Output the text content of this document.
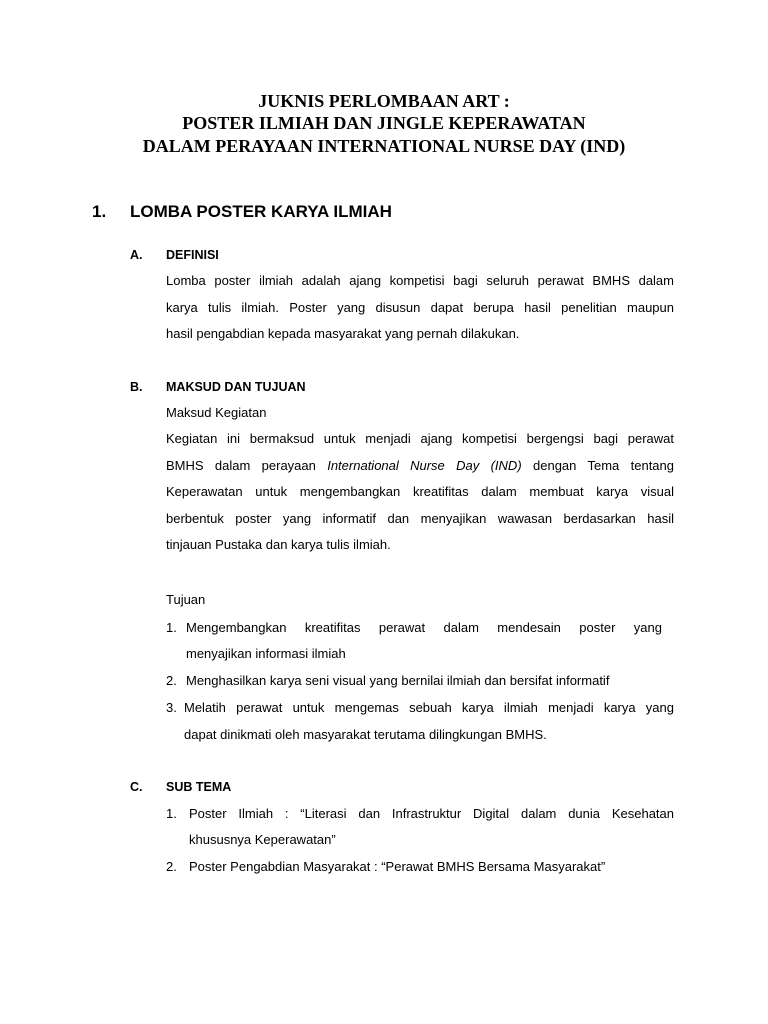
JUKNIS PERLOMBAAN ART :
POSTER ILMIAH DAN JINGLE KEPERAWATAN
DALAM PERAYAAN INTERNATIONAL NURSE DAY (IND)
1. LOMBA POSTER KARYA ILMIAH
A. DEFINISI
Lomba poster ilmiah adalah ajang kompetisi bagi seluruh perawat BMHS dalam
karya tulis ilmiah. Poster yang disusun dapat berupa hasil penelitian maupun
hasil pengabdian kepada masyarakat yang pernah dilakukan.
B. MAKSUD DAN TUJUAN
Maksud Kegiatan
Kegiatan ini bermaksud untuk menjadi ajang kompetisi bergengsi bagi perawat
BMHS dalam perayaan International Nurse Day (IND) dengan Tema tentang
Keperawatan untuk mengembangkan kreatifitas dalam membuat karya visual
berbentuk poster yang informatif dan menyajikan wawasan berdasarkan hasil
tinjauan Pustaka dan karya tulis ilmiah.
Tujuan
1. Mengembangkan kreatifitas perawat dalam mendesain poster yang
menyajikan informasi ilmiah
2. Menghasilkan karya seni visual yang bernilai ilmiah dan bersifat informatif
3. Melatih perawat untuk mengemas sebuah karya ilmiah menjadi karya yang
dapat dinikmati oleh masyarakat terutama dilingkungan BMHS.
C. SUB TEMA
1. Poster Ilmiah : “Literasi dan Infrastruktur Digital dalam dunia Kesehatan
khususnya Keperawatan”
2. Poster Pengabdian Masyarakat : “Perawat BMHS Bersama Masyarakat”
